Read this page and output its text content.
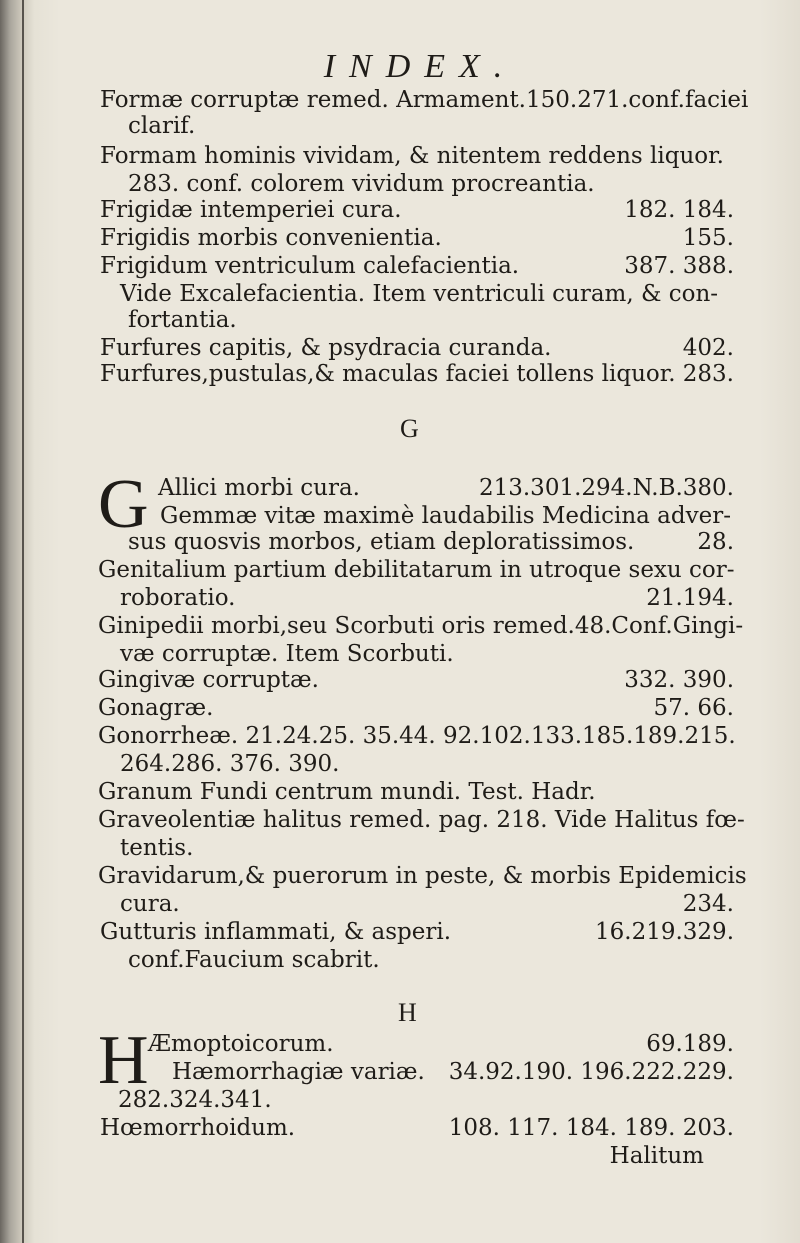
INDEX.
Formæ corruptæ remed. Armament.150.271.conf.faciei
clarif.
Formam hominis vividam, & nitentem reddens liquor.
283. conf. colorem vividum procreantia.
Frigidæ intemperiei cura.	182. 184.
Frigidis morbis convenientia.	155.
Frigidum ventriculum calefacientia.	387. 388.
Vide Excalefacientia. Item ventriculi curam, & con-
fortantia.
Furfures capitis, & psydracia curanda.	402.
Furfures,pustulas,& maculas faciei tollens liquor. 283.
G
G Allici morbi cura.	213.301.294.N.B.380.
Gemmæ vitæ maximè laudabilis Medicina adver-
sus quosvis morbos, etiam deploratissimos.	28.
Genitalium partium debilitatarum in utroque sexu cor-
roboratio.	21.194.
Ginipedii morbi,seu Scorbuti oris remed.48.Conf.Gingi-
væ corruptæ. Item Scorbuti.
Gingivæ corruptæ.	332. 390.
Gonagræ.	57. 66.
Gonorrheæ. 21.24.25. 35.44. 92.102.133.185.189.215.
264.286. 376. 390.
Granum Fundi centrum mundi. Test. Hadr.
Graveolentiæ halitus remed. pag. 218. Vide Halitus fœ-
tentis.
Gravidarum,& puerorum in peste, & morbis Epidemicis
cura.	234.
Gutturis inflammati, & asperi.	16.219.329.
conf.Faucium scabrit.
H
H Æmoptoicorum.	69.189.
Hæmorrhagiæ variæ. 34.92.190. 196.222.229.
282.324.341.
Hœmorrhoidum.	108. 117. 184. 189. 203.
Halitum
